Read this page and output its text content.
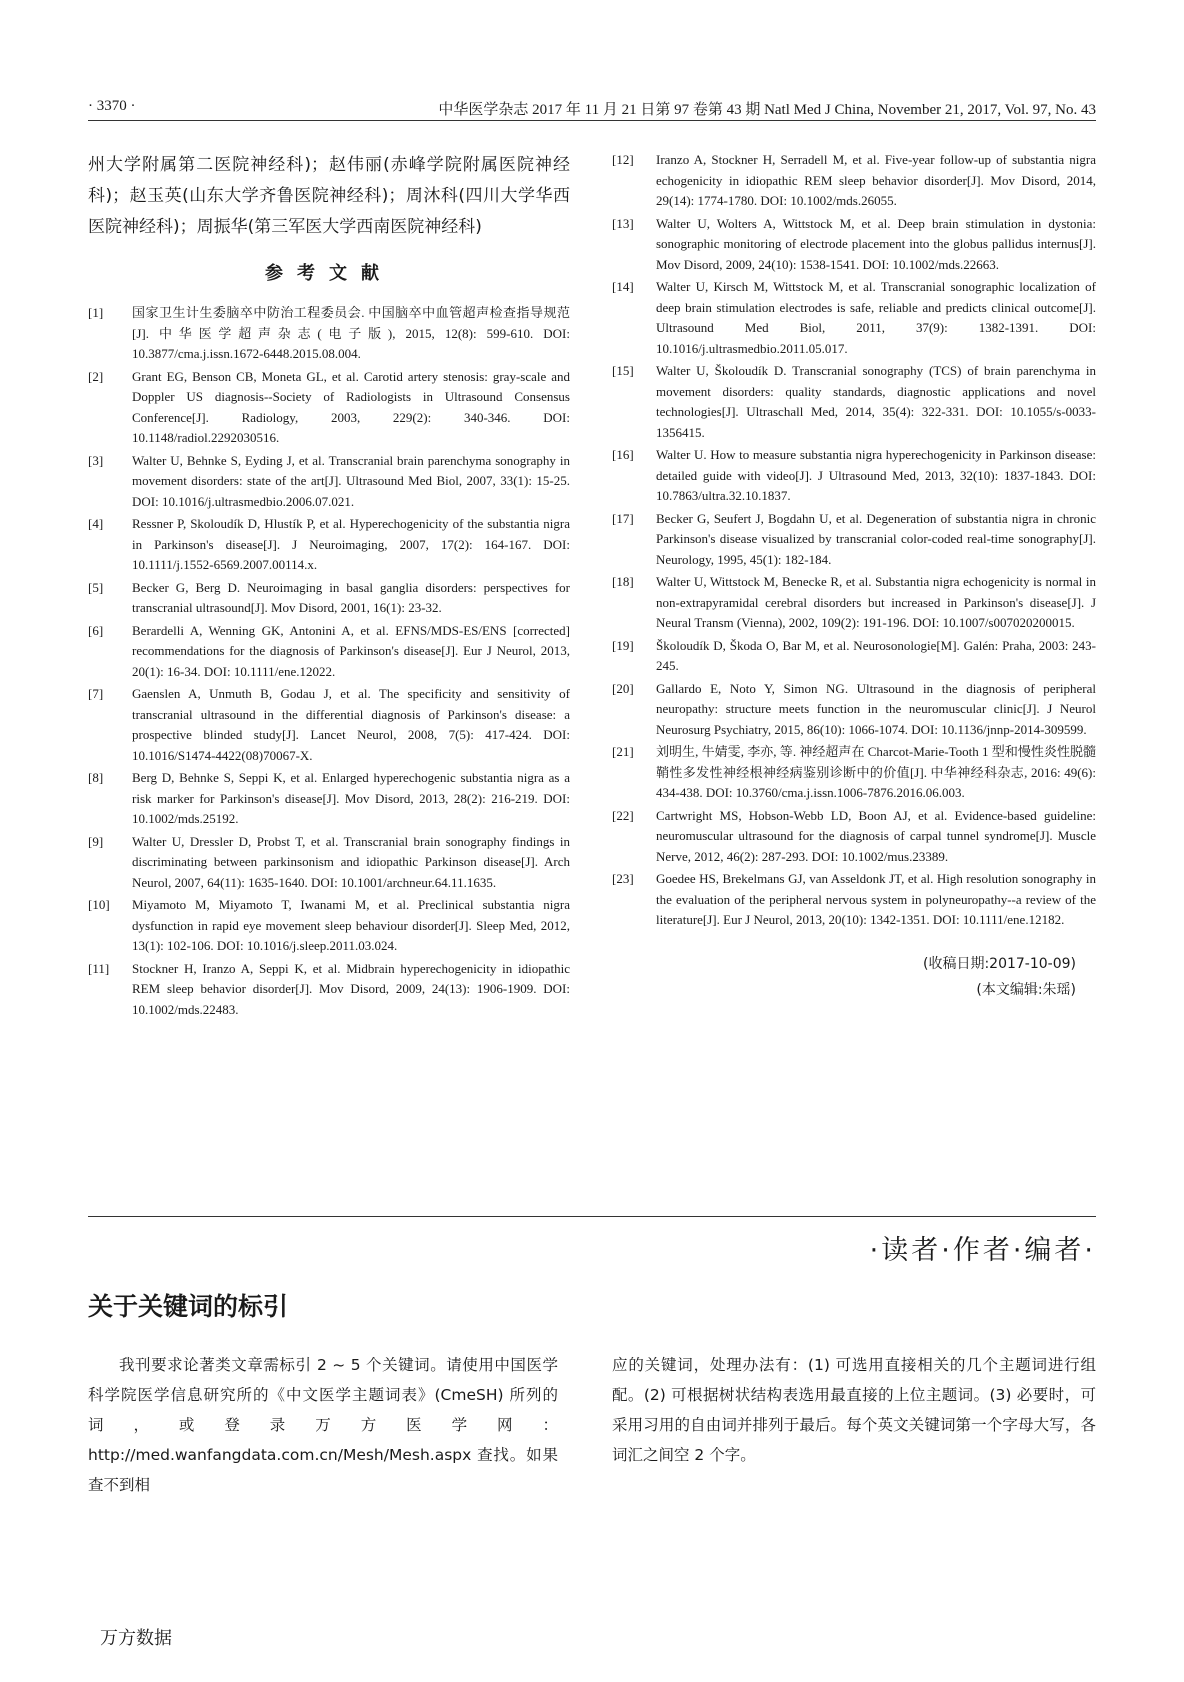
· 3370 ·	中华医学杂志 2017 年 11 月 21 日第 97 卷第 43 期 Natl Med J China, November 21, 2017, Vol. 97, No. 43

州大学附属第二医院神经科)；赵伟丽(赤峰学院附属医院神经科)；赵玉英(山东大学齐鲁医院神经科)；周沐科(四川大学华西医院神经科)；周振华(第三军医大学西南医院神经科)

参考文献
[1]	国家卫生计生委脑卒中防治工程委员会. 中国脑卒中血管超声检查指导规范[J]. 中华医学超声杂志(电子版), 2015, 12(8): 599-610. DOI: 10.3877/cma.j.issn.1672-6448.2015.08.004.
[2]	Grant EG, Benson CB, Moneta GL, et al. Carotid artery stenosis: gray-scale and Doppler US diagnosis--Society of Radiologists in Ultrasound Consensus Conference[J]. Radiology, 2003, 229(2): 340-346. DOI: 10.1148/radiol.2292030516.
[3]	Walter U, Behnke S, Eyding J, et al. Transcranial brain parenchyma sonography in movement disorders: state of the art[J]. Ultrasound Med Biol, 2007, 33(1): 15-25. DOI: 10.1016/j.ultrasmedbio.2006.07.021.
[4]	Ressner P, Skoloudík D, Hlustík P, et al. Hyperechogenicity of the substantia nigra in Parkinson's disease[J]. J Neuroimaging, 2007, 17(2): 164-167. DOI: 10.1111/j.1552-6569.2007.00114.x.
[5]	Becker G, Berg D. Neuroimaging in basal ganglia disorders: perspectives for transcranial ultrasound[J]. Mov Disord, 2001, 16(1): 23-32.
[6]	Berardelli A, Wenning GK, Antonini A, et al. EFNS/MDS-ES/ENS [corrected] recommendations for the diagnosis of Parkinson's disease[J]. Eur J Neurol, 2013, 20(1): 16-34. DOI: 10.1111/ene.12022.
[7]	Gaenslen A, Unmuth B, Godau J, et al. The specificity and sensitivity of transcranial ultrasound in the differential diagnosis of Parkinson's disease: a prospective blinded study[J]. Lancet Neurol, 2008, 7(5): 417-424. DOI: 10.1016/S1474-4422(08)70067-X.
[8]	Berg D, Behnke S, Seppi K, et al. Enlarged hyperechogenic substantia nigra as a risk marker for Parkinson's disease[J]. Mov Disord, 2013, 28(2): 216-219. DOI: 10.1002/mds.25192.
[9]	Walter U, Dressler D, Probst T, et al. Transcranial brain sonography findings in discriminating between parkinsonism and idiopathic Parkinson disease[J]. Arch Neurol, 2007, 64(11): 1635-1640. DOI: 10.1001/archneur.64.11.1635.
[10]	Miyamoto M, Miyamoto T, Iwanami M, et al. Preclinical substantia nigra dysfunction in rapid eye movement sleep behaviour disorder[J]. Sleep Med, 2012, 13(1): 102-106. DOI: 10.1016/j.sleep.2011.03.024.
[11]	Stockner H, Iranzo A, Seppi K, et al. Midbrain hyperechogenicity in idiopathic REM sleep behavior disorder[J]. Mov Disord, 2009, 24(13): 1906-1909. DOI: 10.1002/mds.22483.
[12]	Iranzo A, Stockner H, Serradell M, et al. Five-year follow-up of substantia nigra echogenicity in idiopathic REM sleep behavior disorder[J]. Mov Disord, 2014, 29(14): 1774-1780. DOI: 10.1002/mds.26055.
[13]	Walter U, Wolters A, Wittstock M, et al. Deep brain stimulation in dystonia: sonographic monitoring of electrode placement into the globus pallidus internus[J]. Mov Disord, 2009, 24(10): 1538-1541. DOI: 10.1002/mds.22663.
[14]	Walter U, Kirsch M, Wittstock M, et al. Transcranial sonographic localization of deep brain stimulation electrodes is safe, reliable and predicts clinical outcome[J]. Ultrasound Med Biol, 2011, 37(9): 1382-1391. DOI: 10.1016/j.ultrasmedbio.2011.05.017.
[15]	Walter U, Školoudík D. Transcranial sonography (TCS) of brain parenchyma in movement disorders: quality standards, diagnostic applications and novel technologies[J]. Ultraschall Med, 2014, 35(4): 322-331. DOI: 10.1055/s-0033-1356415.
[16]	Walter U. How to measure substantia nigra hyperechogenicity in Parkinson disease: detailed guide with video[J]. J Ultrasound Med, 2013, 32(10): 1837-1843. DOI: 10.7863/ultra.32.10.1837.
[17]	Becker G, Seufert J, Bogdahn U, et al. Degeneration of substantia nigra in chronic Parkinson's disease visualized by transcranial color-coded real-time sonography[J]. Neurology, 1995, 45(1): 182-184.
[18]	Walter U, Wittstock M, Benecke R, et al. Substantia nigra echogenicity is normal in non-extrapyramidal cerebral disorders but increased in Parkinson's disease[J]. J Neural Transm (Vienna), 2002, 109(2): 191-196. DOI: 10.1007/s007020200015.
[19]	Školoudík D, Škoda O, Bar M, et al. Neurosonologie[M]. Galén: Praha, 2003: 243-245.
[20]	Gallardo E, Noto Y, Simon NG. Ultrasound in the diagnosis of peripheral neuropathy: structure meets function in the neuromuscular clinic[J]. J Neurol Neurosurg Psychiatry, 2015, 86(10): 1066-1074. DOI: 10.1136/jnnp-2014-309599.
[21]	刘明生, 牛婧雯, 李亦, 等. 神经超声在 Charcot-Marie-Tooth 1 型和慢性炎性脱髓鞘性多发性神经根神经病鉴别诊断中的价值[J]. 中华神经科杂志, 2016: 49(6): 434-438. DOI: 10.3760/cma.j.issn.1006-7876.2016.06.003.
[22]	Cartwright MS, Hobson-Webb LD, Boon AJ, et al. Evidence-based guideline: neuromuscular ultrasound for the diagnosis of carpal tunnel syndrome[J]. Muscle Nerve, 2012, 46(2): 287-293. DOI: 10.1002/mus.23389.
[23]	Goedee HS, Brekelmans GJ, van Asseldonk JT, et al. High resolution sonography in the evaluation of the peripheral nervous system in polyneuropathy--a review of the literature[J]. Eur J Neurol, 2013, 20(10): 1342-1351. DOI: 10.1111/ene.12182.
(收稿日期:2017-10-09)
(本文编辑:朱瑶)
·读者·作者·编者·
关于关键词的标引

我刊要求论著类文章需标引 2 ~ 5 个关键词。请使用中国医学科学院医学信息研究所的《中文医学主题词表》(CmeSH) 所列的词，或登录万方医学网：http://med.wanfangdata.com.cn/Mesh/Mesh.aspx 查找。如果查不到相

应的关键词，处理办法有：(1) 可选用直接相关的几个主题词进行组配。(2) 可根据树状结构表选用最直接的上位主题词。(3) 必要时，可采用习用的自由词并排列于最后。每个英文关键词第一个字母大写，各词汇之间空 2 个字。

万方数据
